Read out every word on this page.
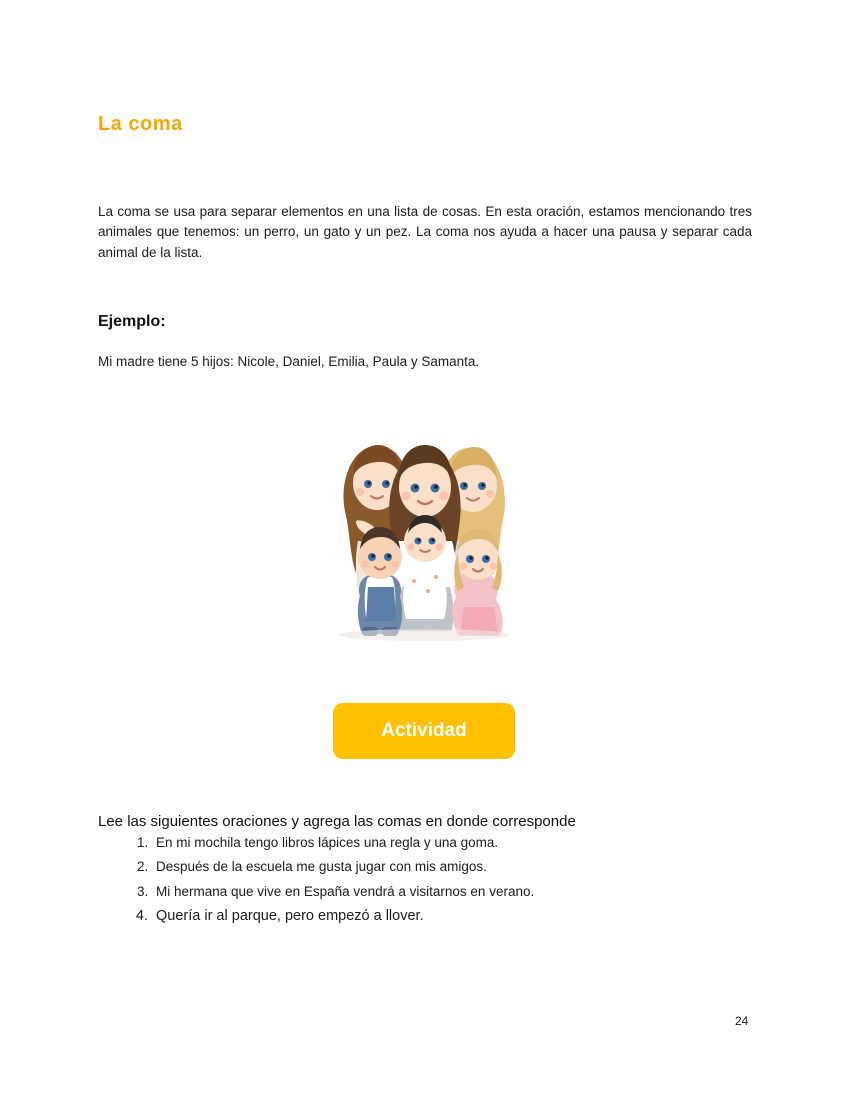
La coma

La coma se usa para separar elementos en una lista de cosas. En esta oración, estamos mencionando tres animales que tenemos: un perro, un gato y un pez. La coma nos ayuda a hacer una pausa y separar cada animal de la lista.

Ejemplo:

Mi madre tiene 5 hijos: Nicole, Daniel, Emilia, Paula y Samanta.

Actividad

Lee las siguientes oraciones y agrega las comas en donde corresponde

1. En mi mochila tengo libros lápices una regla y una goma.
2. Después de la escuela me gusta jugar con mis amigos.
3. Mi hermana que vive en España vendrá a visitarnos en verano.
4. Quería ir al parque, pero empezó a llover.
24
